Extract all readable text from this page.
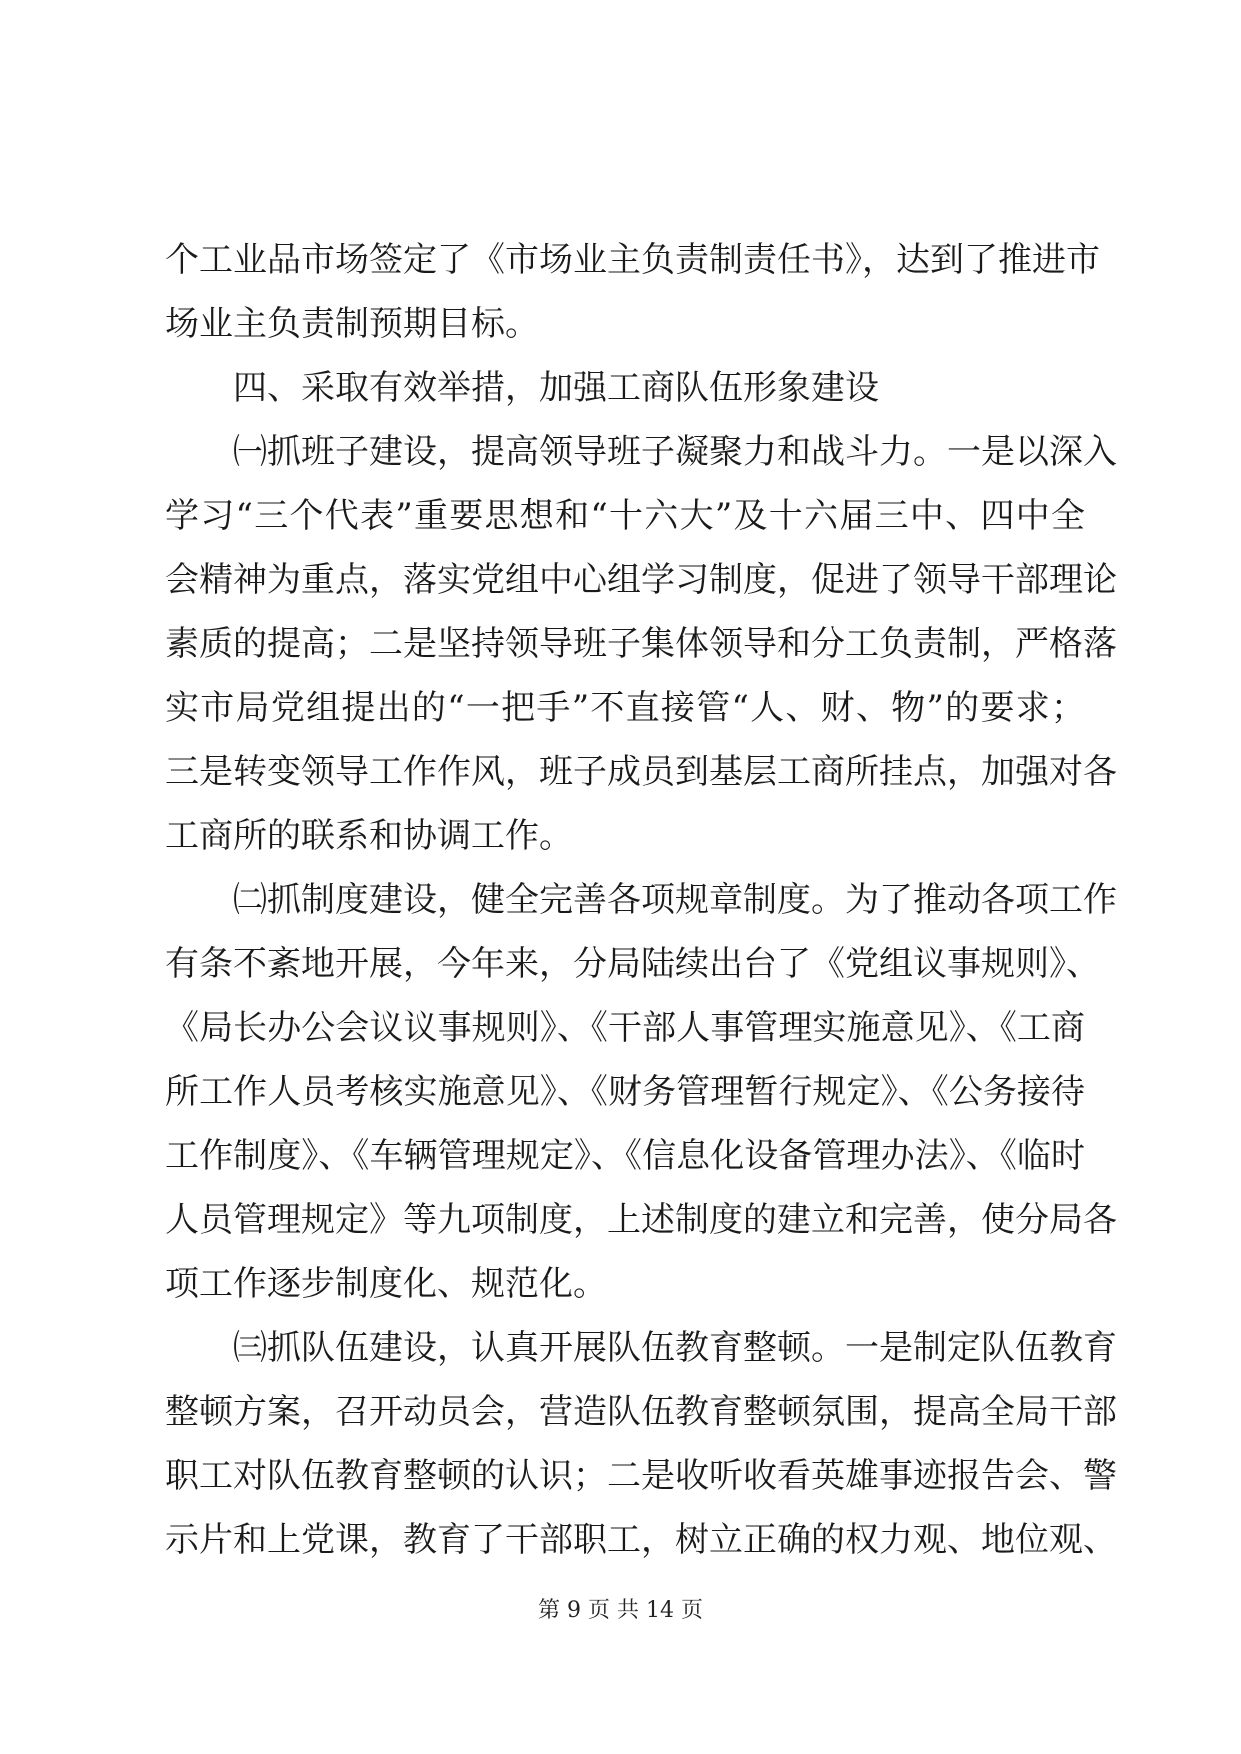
个工业品市场签定了《市场业主负责制责任书》，达到了推进市
场业主负责制预期目标。
四、采取有效举措，加强工商队伍形象建设
㈠抓班子建设，提高领导班子凝聚力和战斗力。一是以深入
学习“三个代表”重要思想和“十六大”及十六届三中、四中全
会精神为重点，落实党组中心组学习制度，促进了领导干部理论
素质的提高；二是坚持领导班子集体领导和分工负责制，严格落
实市局党组提出的“一把手”不直接管“人、财、物”的要求；
三是转变领导工作作风，班子成员到基层工商所挂点，加强对各
工商所的联系和协调工作。
㈡抓制度建设，健全完善各项规章制度。为了推动各项工作
有条不紊地开展，今年来，分局陆续出台了《党组议事规则》、
《局长办公会议议事规则》、《干部人事管理实施意见》、《工商
所工作人员考核实施意见》、《财务管理暂行规定》、《公务接待
工作制度》、《车辆管理规定》、《信息化设备管理办法》、《临时
人员管理规定》等九项制度，上述制度的建立和完善，使分局各
项工作逐步制度化、规范化。
㈢抓队伍建设，认真开展队伍教育整顿。一是制定队伍教育
整顿方案，召开动员会，营造队伍教育整顿氛围，提高全局干部
职工对队伍教育整顿的认识；二是收听收看英雄事迹报告会、警
示片和上党课，教育了干部职工，树立正确的权力观、地位观、
第 9 页 共 14 页
